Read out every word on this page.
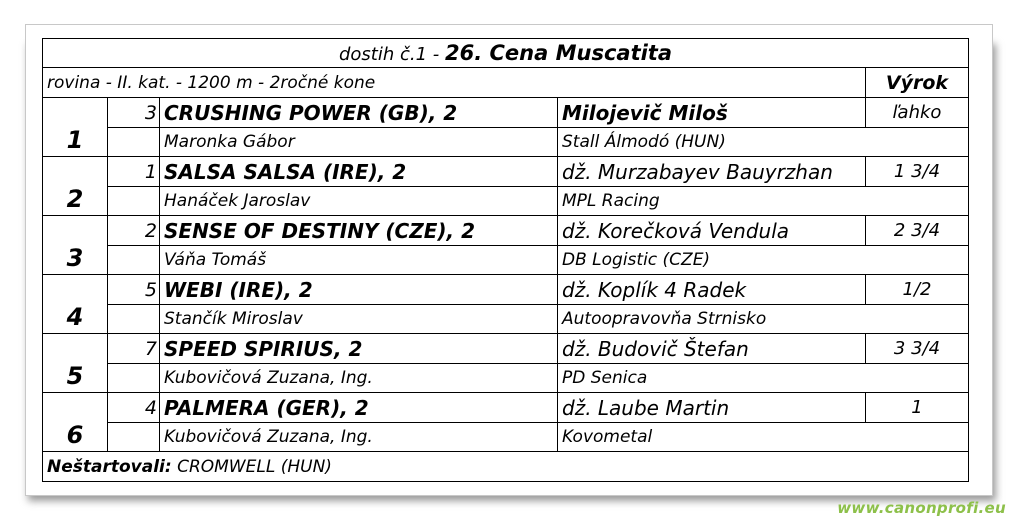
dostih č.1 - 26. Cena Muscatita				
rovina - II. kat. - 1200 m - 2ročné kone				Výrok
1	3	CRUSHING POWER (GB), 2	Milojevič Miloš	ľahko
		Maronka Gábor	Stall Álmodó (HUN)	
2	1	SALSA SALSA (IRE), 2	dž. Murzabayev Bauyrzhan	1 3/4
		Hanáček Jaroslav	MPL Racing	
3	2	SENSE OF DESTINY (CZE), 2	dž. Korečková Vendula	2 3/4
		Váňa Tomáš	DB Logistic (CZE)	
4	5	WEBI (IRE), 2	dž. Koplík 4 Radek	1/2
		Stančík Miroslav	Autoopravovňa Strnisko	
5	7	SPEED SPIRIUS, 2	dž. Budovič Štefan	3 3/4
		Kubovičová Zuzana, Ing.	PD Senica	
6	4	PALMERA (GER), 2	dž. Laube Martin	1
		Kubovičová Zuzana, Ing.	Kovometal	
Neštartovali: CROMWELL (HUN)				
www.canonprofi.eu
